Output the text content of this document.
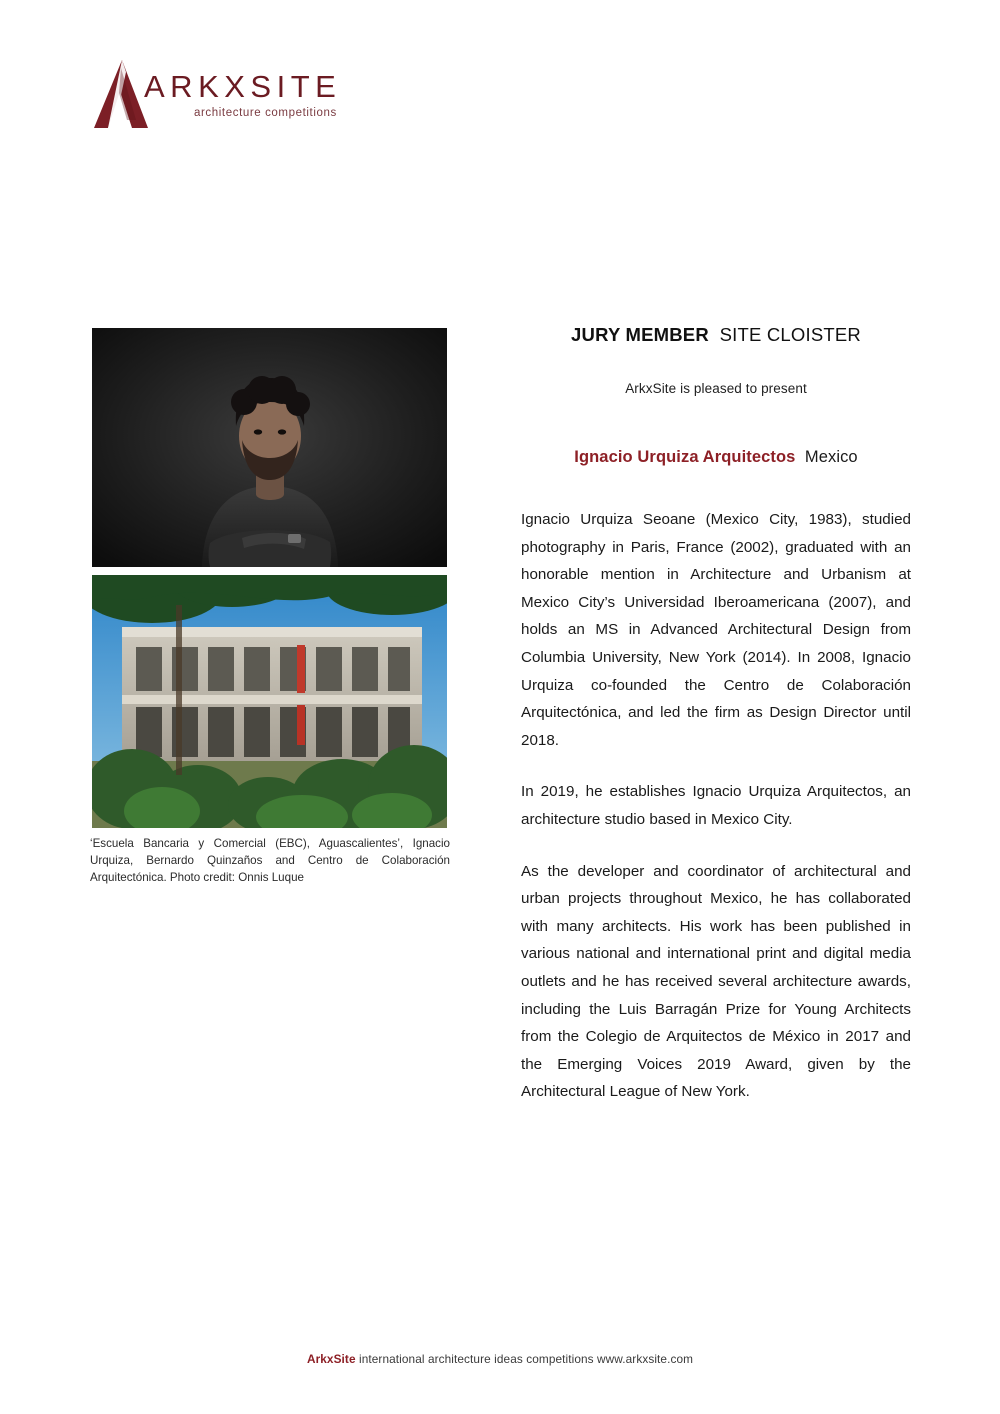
ARKXSITE
architecture competitions
‘Escuela Bancaria y Comercial (EBC), Aguascalientes’, Ignacio Urquiza, Bernardo Quinzaños and Centro de Colaboración Arquitectónica. Photo credit: Onnis Luque
JURY MEMBER SITE CLOISTER
ArkxSite is pleased to present
Ignacio Urquiza Arquitectos Mexico

Ignacio Urquiza Seoane (Mexico City, 1983), studied photography in Paris, France (2002), graduated with an honorable mention in Architecture and Urbanism at Mexico City’s Universidad Iberoamericana (2007), and holds an MS in Advanced Architectural Design from Columbia University, New York (2014). In 2008, Ignacio Urquiza co-founded the Centro de Colaboración Arquitectónica, and led the firm as Design Director until 2018.

In 2019, he establishes Ignacio Urquiza Arquitectos, an architecture studio based in Mexico City.

As the developer and coordinator of architectural and urban projects throughout Mexico, he has collaborated with many architects. His work has been published in various national and international print and digital media outlets and he has received several architecture awards, including the Luis Barragán Prize for Young Architects from the Colegio de Arquitectos de México in 2017 and the Emerging Voices 2019 Award, given by the Architectural League of New York.

ArkxSite international architecture ideas competitions www.arkxsite.com
